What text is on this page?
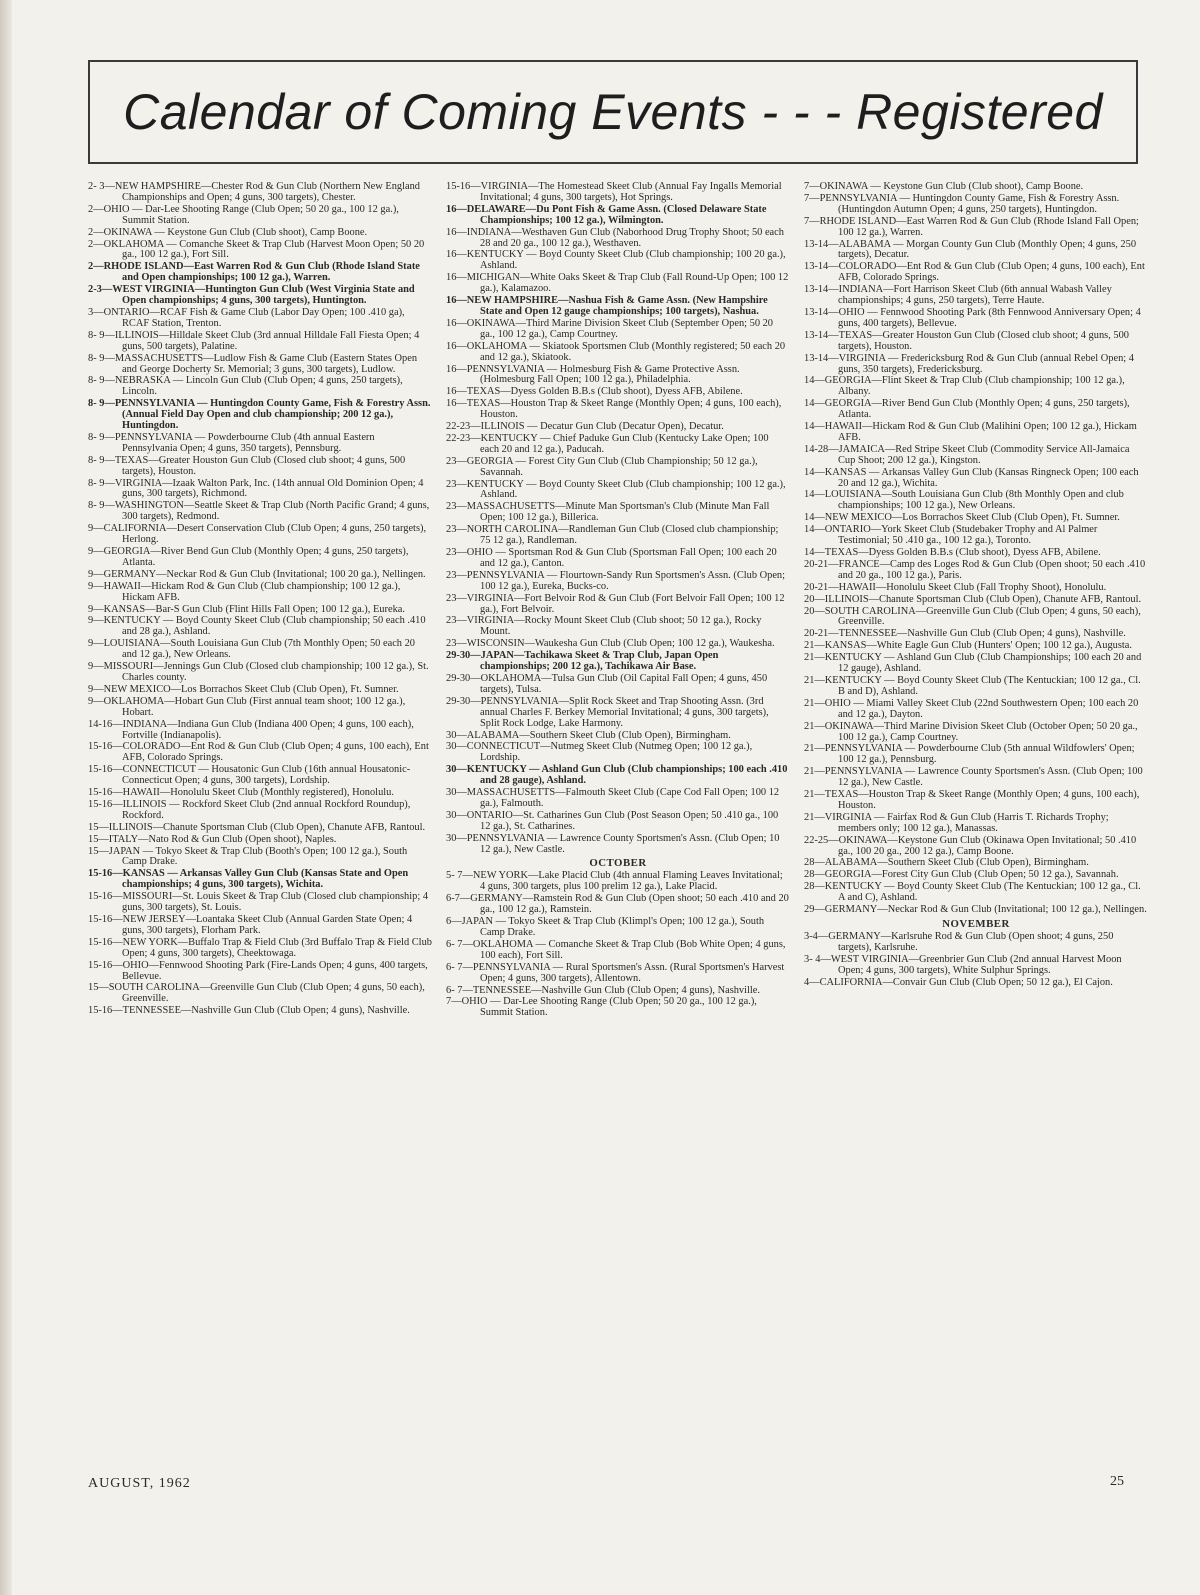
Calendar of Coming Events - - - Registered

2- 3—NEW HAMPSHIRE—Chester Rod & Gun Club (Northern New England Championships and Open; 4 guns, 300 targets), Chester.

2—OHIO — Dar-Lee Shooting Range (Club Open; 50 20 ga., 100 12 ga.), Summit Station.

2—OKINAWA — Keystone Gun Club (Club shoot), Camp Boone.

2—OKLAHOMA — Comanche Skeet & Trap Club (Harvest Moon Open; 50 20 ga., 100 12 ga.), Fort Sill.

2—RHODE ISLAND—East Warren Rod & Gun Club (Rhode Island State and Open championships; 100 12 ga.), Warren.

2-3—WEST VIRGINIA—Huntington Gun Club (West Virginia State and Open championships; 4 guns, 300 targets), Huntington.

3—ONTARIO—RCAF Fish & Game Club (Labor Day Open; 100 .410 ga), RCAF Station, Trenton.

8- 9—ILLINOIS—Hilldale Skeet Club (3rd annual Hilldale Fall Fiesta Open; 4 guns, 500 targets), Palatine.

8- 9—MASSACHUSETTS—Ludlow Fish & Game Club (Eastern States Open and George Docherty Sr. Memorial; 3 guns, 300 targets), Ludlow.

8- 9—NEBRASKA — Lincoln Gun Club (Club Open; 4 guns, 250 targets), Lincoln.

8- 9—PENNSYLVANIA — Huntingdon County Game, Fish & Forestry Assn. (Annual Field Day Open and club championship; 200 12 ga.), Huntingdon.

8- 9—PENNSYLVANIA — Powderbourne Club (4th annual Eastern Pennsylvania Open; 4 guns, 350 targets), Pennsburg.

8- 9—TEXAS—Greater Houston Gun Club (Closed club shoot; 4 guns, 500 targets), Houston.

8- 9—VIRGINIA—Izaak Walton Park, Inc. (14th annual Old Dominion Open; 4 guns, 300 targets), Richmond.

8- 9—WASHINGTON—Seattle Skeet & Trap Club (North Pacific Grand; 4 guns, 300 targets), Redmond.

9—CALIFORNIA—Desert Conservation Club (Club Open; 4 guns, 250 targets), Herlong.

9—GEORGIA—River Bend Gun Club (Monthly Open; 4 guns, 250 targets), Atlanta.

9—GERMANY—Neckar Rod & Gun Club (Invitational; 100 20 ga.), Nellingen.

9—HAWAII—Hickam Rod & Gun Club (Club championship; 100 12 ga.), Hickam AFB.

9—KANSAS—Bar-S Gun Club (Flint Hills Fall Open; 100 12 ga.), Eureka.

9—KENTUCKY — Boyd County Skeet Club (Club championship; 50 each .410 and 28 ga.), Ashland.

9—LOUISIANA—South Louisiana Gun Club (7th Monthly Open; 50 each 20 and 12 ga.), New Orleans.

9—MISSOURI—Jennings Gun Club (Closed club championship; 100 12 ga.), St. Charles county.

9—NEW MEXICO—Los Borrachos Skeet Club (Club Open), Ft. Sumner.

9—OKLAHOMA—Hobart Gun Club (First annual team shoot; 100 12 ga.), Hobart.

14-16—INDIANA—Indiana Gun Club (Indiana 400 Open; 4 guns, 100 each), Fortville (Indianapolis).

15-16—COLORADO—Ent Rod & Gun Club (Club Open; 4 guns, 100 each), Ent AFB, Colorado Springs.

15-16—CONNECTICUT — Housatonic Gun Club (16th annual Housatonic-Connecticut Open; 4 guns, 300 targets), Lordship.

15-16—HAWAII—Honolulu Skeet Club (Monthly registered), Honolulu.

15-16—ILLINOIS — Rockford Skeet Club (2nd annual Rockford Roundup), Rockford.

15—ILLINOIS—Chanute Sportsman Club (Club Open), Chanute AFB, Rantoul.

15—ITALY—Nato Rod & Gun Club (Open shoot), Naples.

15—JAPAN — Tokyo Skeet & Trap Club (Booth's Open; 100 12 ga.), South Camp Drake.

15-16—KANSAS — Arkansas Valley Gun Club (Kansas State and Open championships; 4 guns, 300 targets), Wichita.

15-16—MISSOURI—St. Louis Skeet & Trap Club (Closed club championship; 4 guns, 300 targets), St. Louis.

15-16—NEW JERSEY—Loantaka Skeet Club (Annual Garden State Open; 4 guns, 300 targets), Florham Park.

15-16—NEW YORK—Buffalo Trap & Field Club (3rd Buffalo Trap & Field Club Open; 4 guns, 300 targets), Cheektowaga.

15-16—OHIO—Fennwood Shooting Park (Fire-Lands Open; 4 guns, 400 targets, Bellevue.

15—SOUTH CAROLINA—Greenville Gun Club (Club Open; 4 guns, 50 each), Greenville.

15-16—TENNESSEE—Nashville Gun Club (Club Open; 4 guns), Nashville.

15-16—VIRGINIA—The Homestead Skeet Club (Annual Fay Ingalls Memorial Invitational; 4 guns, 300 targets), Hot Springs.

16—DELAWARE—Du Pont Fish & Game Assn. (Closed Delaware State Championships; 100 12 ga.), Wilmington.

16—INDIANA—Westhaven Gun Club (Naborhood Drug Trophy Shoot; 50 each 28 and 20 ga., 100 12 ga.), Westhaven.

16—KENTUCKY — Boyd County Skeet Club (Club championship; 100 20 ga.), Ashland.

16—MICHIGAN—White Oaks Skeet & Trap Club (Fall Round-Up Open; 100 12 ga.), Kalamazoo.

16—NEW HAMPSHIRE—Nashua Fish & Game Assn. (New Hampshire State and Open 12 gauge championships; 100 targets), Nashua.

16—OKINAWA—Third Marine Division Skeet Club (September Open; 50 20 ga., 100 12 ga.), Camp Courtney.

16—OKLAHOMA — Skiatook Sportsmen Club (Monthly registered; 50 each 20 and 12 ga.), Skiatook.

16—PENNSYLVANIA — Holmesburg Fish & Game Protective Assn. (Holmesburg Fall Open; 100 12 ga.), Philadelphia.

16—TEXAS—Dyess Golden B.B.s (Club shoot), Dyess AFB, Abilene.

16—TEXAS—Houston Trap & Skeet Range (Monthly Open; 4 guns, 100 each), Houston.

22-23—ILLINOIS — Decatur Gun Club (Decatur Open), Decatur.

22-23—KENTUCKY — Chief Paduke Gun Club (Kentucky Lake Open; 100 each 20 and 12 ga.), Paducah.

23—GEORGIA — Forest City Gun Club (Club Championship; 50 12 ga.), Savannah.

23—KENTUCKY — Boyd County Skeet Club (Club championship; 100 12 ga.), Ashland.

23—MASSACHUSETTS—Minute Man Sportsman's Club (Minute Man Fall Open; 100 12 ga.), Billerica.

23—NORTH CAROLINA—Randleman Gun Club (Closed club championship; 75 12 ga.), Randleman.

23—OHIO — Sportsman Rod & Gun Club (Sportsman Fall Open; 100 each 20 and 12 ga.), Canton.

23—PENNSYLVANIA — Flourtown-Sandy Run Sportsmen's Assn. (Club Open; 100 12 ga.), Eureka, Bucks-co.

23—VIRGINIA—Fort Belvoir Rod & Gun Club (Fort Belvoir Fall Open; 100 12 ga.), Fort Belvoir.

23—VIRGINIA—Rocky Mount Skeet Club (Club shoot; 50 12 ga.), Rocky Mount.

23—WISCONSIN—Waukesha Gun Club (Club Open; 100 12 ga.), Waukesha.

29-30—JAPAN—Tachikawa Skeet & Trap Club, Japan Open championships; 200 12 ga.), Tachikawa Air Base.

29-30—OKLAHOMA—Tulsa Gun Club (Oil Capital Fall Open; 4 guns, 450 targets), Tulsa.

29-30—PENNSYLVANIA—Split Rock Skeet and Trap Shooting Assn. (3rd annual Charles F. Berkey Memorial Invitational; 4 guns, 300 targets), Split Rock Lodge, Lake Harmony.

30—ALABAMA—Southern Skeet Club (Club Open), Birmingham.

30—CONNECTICUT—Nutmeg Skeet Club (Nutmeg Open; 100 12 ga.), Lordship.

30—KENTUCKY — Ashland Gun Club (Club championships; 100 each .410 and 28 gauge), Ashland.

30—MASSACHUSETTS—Falmouth Skeet Club (Cape Cod Fall Open; 100 12 ga.), Falmouth.

30—ONTARIO—St. Catharines Gun Club (Post Season Open; 50 .410 ga., 100 12 ga.), St. Catharines.

30—PENNSYLVANIA — Lawrence County Sportsmen's Assn. (Club Open; 10 12 ga.), New Castle.

OCTOBER

5- 7—NEW YORK—Lake Placid Club (4th annual Flaming Leaves Invitational; 4 guns, 300 targets, plus 100 prelim 12 ga.), Lake Placid.

6-7—GERMANY—Ramstein Rod & Gun Club (Open shoot; 50 each .410 and 20 ga., 100 12 ga.), Ramstein.

6—JAPAN — Tokyo Skeet & Trap Club (Klimpl's Open; 100 12 ga.), South Camp Drake.

6- 7—OKLAHOMA — Comanche Skeet & Trap Club (Bob White Open; 4 guns, 100 each), Fort Sill.

6- 7—PENNSYLVANIA — Rural Sportsmen's Assn. (Rural Sportsmen's Harvest Open; 4 guns, 300 targets), Allentown.

6- 7—TENNESSEE—Nashville Gun Club (Club Open; 4 guns), Nashville.

7—OHIO — Dar-Lee Shooting Range (Club Open; 50 20 ga., 100 12 ga.), Summit Station.

7—OKINAWA — Keystone Gun Club (Club shoot), Camp Boone.

7—PENNSYLVANIA — Huntingdon County Game, Fish & Forestry Assn. (Huntingdon Autumn Open; 4 guns, 250 targets), Huntingdon.

7—RHODE ISLAND—East Warren Rod & Gun Club (Rhode Island Fall Open; 100 12 ga.), Warren.

13-14—ALABAMA — Morgan County Gun Club (Monthly Open; 4 guns, 250 targets), Decatur.

13-14—COLORADO—Ent Rod & Gun Club (Club Open; 4 guns, 100 each), Ent AFB, Colorado Springs.

13-14—INDIANA—Fort Harrison Skeet Club (6th annual Wabash Valley championships; 4 guns, 250 targets), Terre Haute.

13-14—OHIO — Fennwood Shooting Park (8th Fennwood Anniversary Open; 4 guns, 400 targets), Bellevue.

13-14—TEXAS—Greater Houston Gun Club (Closed club shoot; 4 guns, 500 targets), Houston.

13-14—VIRGINIA — Fredericksburg Rod & Gun Club (annual Rebel Open; 4 guns, 350 targets), Fredericksburg.

14—GEORGIA—Flint Skeet & Trap Club (Club championship; 100 12 ga.), Albany.

14—GEORGIA—River Bend Gun Club (Monthly Open; 4 guns, 250 targets), Atlanta.

14—HAWAII—Hickam Rod & Gun Club (Malihini Open; 100 12 ga.), Hickam AFB.

14-28—JAMAICA—Red Stripe Skeet Club (Commodity Service All-Jamaica Cup Shoot; 200 12 ga.), Kingston.

14—KANSAS — Arkansas Valley Gun Club (Kansas Ringneck Open; 100 each 20 and 12 ga.), Wichita.

14—LOUISIANA—South Louisiana Gun Club (8th Monthly Open and club championships; 100 12 ga.), New Orleans.

14—NEW MEXICO—Los Borrachos Skeet Club (Club Open), Ft. Sumner.

14—ONTARIO—York Skeet Club (Studebaker Trophy and Al Palmer Testimonial; 50 .410 ga., 100 12 ga.), Toronto.

14—TEXAS—Dyess Golden B.B.s (Club shoot), Dyess AFB, Abilene.

20-21—FRANCE—Camp des Loges Rod & Gun Club (Open shoot; 50 each .410 and 20 ga., 100 12 ga.), Paris.

20-21—HAWAII—Honolulu Skeet Club (Fall Trophy Shoot), Honolulu.

20—ILLINOIS—Chanute Sportsman Club (Club Open), Chanute AFB, Rantoul.

20—SOUTH CAROLINA—Greenville Gun Club (Club Open; 4 guns, 50 each), Greenville.

20-21—TENNESSEE—Nashville Gun Club (Club Open; 4 guns), Nashville.

21—KANSAS—White Eagle Gun Club (Hunters' Open; 100 12 ga.), Augusta.

21—KENTUCKY — Ashland Gun Club (Club Championships; 100 each 20 and 12 gauge), Ashland.

21—KENTUCKY — Boyd County Skeet Club (The Kentuckian; 100 12 ga., Cl. B and D), Ashland.

21—OHIO — Miami Valley Skeet Club (22nd Southwestern Open; 100 each 20 and 12 ga.), Dayton.

21—OKINAWA—Third Marine Division Skeet Club (October Open; 50 20 ga., 100 12 ga.), Camp Courtney.

21—PENNSYLVANIA — Powderbourne Club (5th annual Wildfowlers' Open; 100 12 ga.), Pennsburg.

21—PENNSYLVANIA — Lawrence County Sportsmen's Assn. (Club Open; 100 12 ga.), New Castle.

21—TEXAS—Houston Trap & Skeet Range (Monthly Open; 4 guns, 100 each), Houston.

21—VIRGINIA — Fairfax Rod & Gun Club (Harris T. Richards Trophy; members only; 100 12 ga.), Manassas.

22-25—OKINAWA—Keystone Gun Club (Okinawa Open Invitational; 50 .410 ga., 100 20 ga., 200 12 ga.), Camp Boone.

28—ALABAMA—Southern Skeet Club (Club Open), Birmingham.

28—GEORGIA—Forest City Gun Club (Club Open; 50 12 ga.), Savannah.

28—KENTUCKY — Boyd County Skeet Club (The Kentuckian; 100 12 ga., Cl. A and C), Ashland.

29—GERMANY—Neckar Rod & Gun Club (Invitational; 100 12 ga.), Nellingen.

NOVEMBER

3-4—GERMANY—Karlsruhe Rod & Gun Club (Open shoot; 4 guns, 250 targets), Karlsruhe.

3- 4—WEST VIRGINIA—Greenbrier Gun Club (2nd annual Harvest Moon Open; 4 guns, 300 targets), White Sulphur Springs.

4—CALIFORNIA—Convair Gun Club (Club Open; 50 12 ga.), El Cajon.

AUGUST, 1962	25
